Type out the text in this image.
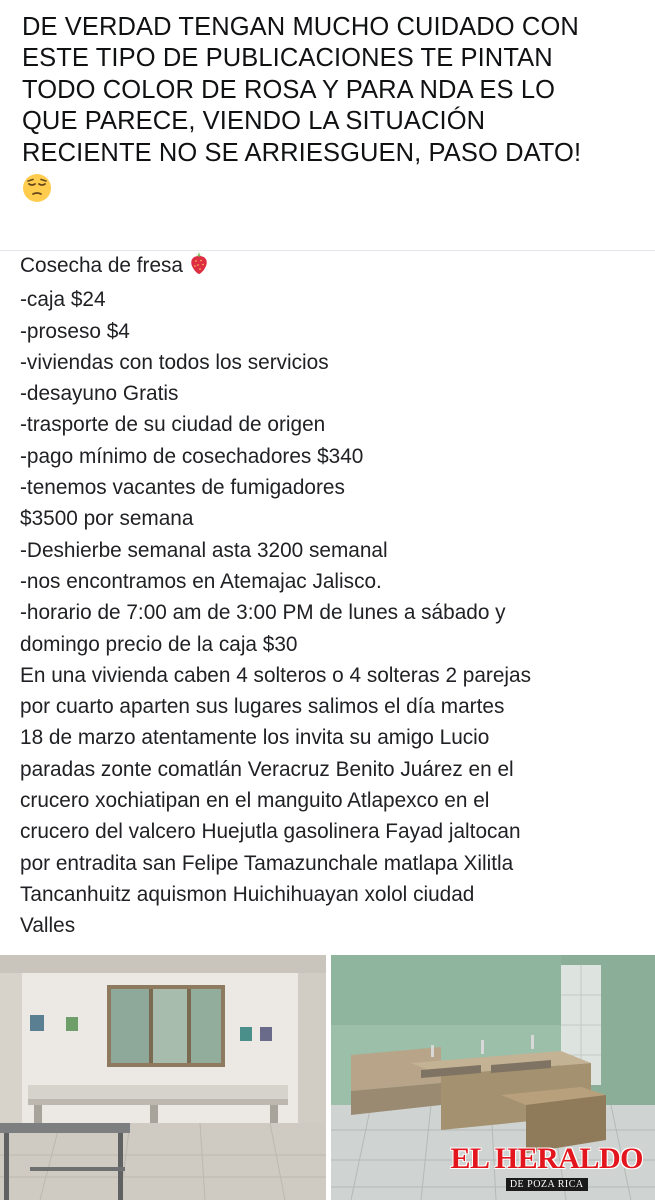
DE VERDAD TENGAN MUCHO CUIDADO CON
ESTE TIPO DE PUBLICACIONES TE PINTAN
TODO COLOR DE ROSA Y PARA NDA ES LO
QUE PARECE, VIENDO LA SITUACIÓN
RECIENTE NO SE ARRIESGUEN, PASO DATO!
Cosecha de fresa
-caja $24
-proseso $4
-viviendas con todos los servicios
-desayuno Gratis
-trasporte de su ciudad de origen
-pago mínimo de cosechadores $340
-tenemos vacantes de fumigadores
$3500 por semana
-Deshierbe semanal asta 3200 semanal
-nos encontramos en Atemajac Jalisco.
-horario de 7:00 am de 3:00 PM de lunes a sábado y
domingo precio de la caja $30
En una vivienda caben 4 solteros o 4 solteras 2 parejas
por cuarto aparten sus lugares salimos el día martes
18 de marzo atentamente los invita su amigo Lucio
paradas zonte comatlán Veracruz Benito Juárez en el
crucero xochiatipan en el manguito Atlapexco en el
crucero del valcero Huejutla gasolinera Fayad jaltocan
por entradita san Felipe Tamazunchale matlapa Xilitla
Tancanhuitz aquismon Huichihuayan xolol ciudad
Valles
EL HERALDO
DE POZA RICA
